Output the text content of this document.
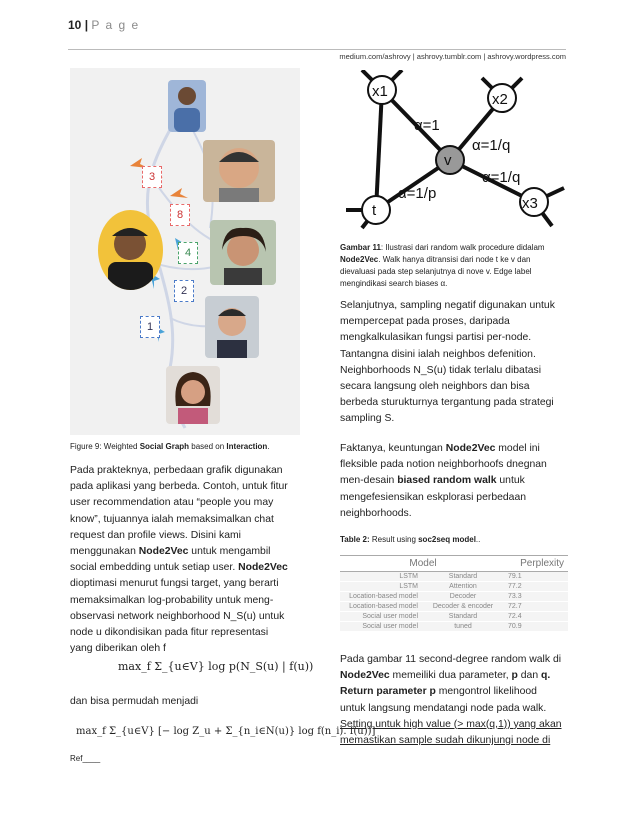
10 | P a g e
medium.com/ashrovy | ashrovy.tumblr.com | ashrovy.wordpress.com
3
8
4
2
1
Figure 9: Weighted Social Graph based on Interaction.
Pada prakteknya, perbedaan grafik digunakan
pada aplikasi yang berbeda. Contoh, untuk fitur
user recommendation atau “people you may
know”, tujuannya ialah memaksimalkan chat
request dan profile views. Disini kami
menggunakan Node2Vec untuk mengambil
social embedding untuk setiap user. Node2Vec
dioptimasi menurut fungsi target, yang berarti
memaksimalkan log-probability untuk meng-
observasi network neighborhood N_S(u) untuk
node u dikondisikan pada fitur representasi
yang diberikan oleh f
max_f Σ_{u∈V} log p(N_S(u) | f(u))
dan bisa permudah menjadi
max_f Σ_{u∈V} [− log Z_u + Σ_{n_i∈N(u)} log f(n_i). f(u))]
Ref____
x1	x2
v
x3
t
α=1
α=1/q
α=1/q
α=1/p
Gambar 11: Ilustrasi dari random walk procedure didalam
Node2Vec. Walk hanya ditransisi dari node t ke v dan
dievaluasi pada step selanjutnya di nove v. Edge label
mengindikasi search biases α.
Selanjutnya, sampling negatif digunakan untuk
mempercepat pada proses, daripada
mengkalkulasikan fungsi partisi per-node.
Tantangna disini ialah neighbos defenition.
Neighborhoods N_S(u) tidak terlalu dibatasi
secara langsung oleh neighbors dan bisa
berbeda sturukturnya tergantung pada strategi
sampling S.
Faktanya, keuntungan Node2Vec model ini
fleksible pada notion neighborhoofs dnegnan
men-desain biased random walk untuk
mengefesiensikan eskplorasi perbedaan
neighborhoods.
Table 2: Result using soc2seq model..
Model		Perplexity
LSTM	Standard	79.1
LSTM	Attention	77.2
Location-based model	Decoder	73.3
Location-based model	Decoder & encoder	72.7
Social user model	Standard	72.4
Social user model	tuned	70.9
Pada gambar 11 second-degree random walk di
Node2Vec memeiliki dua parameter, p dan q.
Return parameter p mengontrol likelihood
untuk langsung mendatangi node pada walk.
Setting untuk high value (> max(q,1)) yang akan
memastikan sample sudah dikunjungi node di
